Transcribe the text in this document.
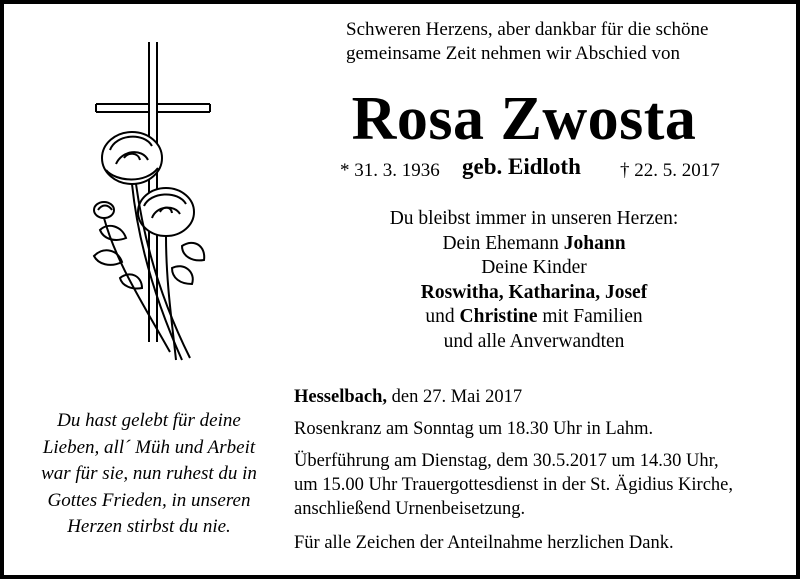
Schweren Herzens, aber dankbar für die schöne
gemeinsame Zeit nehmen wir Abschied von
Rosa Zwosta
* 31. 3. 1936 geb. Eidloth † 22. 5. 2017
Du bleibst immer in unseren Herzen:
Dein Ehemann Johann
Deine Kinder
Roswitha, Katharina, Josef
und Christine mit Familien
und alle Anverwandten
Du hast gelebt für deine
Lieben, all´ Müh und Arbeit
war für sie, nun ruhest du in
Gottes Frieden, in unseren
Herzen stirbst du nie.

Hesselbach, den 27. Mai 2017

Rosenkranz am Sonntag um 18.30 Uhr in Lahm.

Überführung am Dienstag, dem 30.5.2017 um 14.30 Uhr,

um 15.00 Uhr Trauergottesdienst in der St. Ägidius Kirche,

anschließend Urnenbeisetzung.

Für alle Zeichen der Anteilnahme herzlichen Dank.
